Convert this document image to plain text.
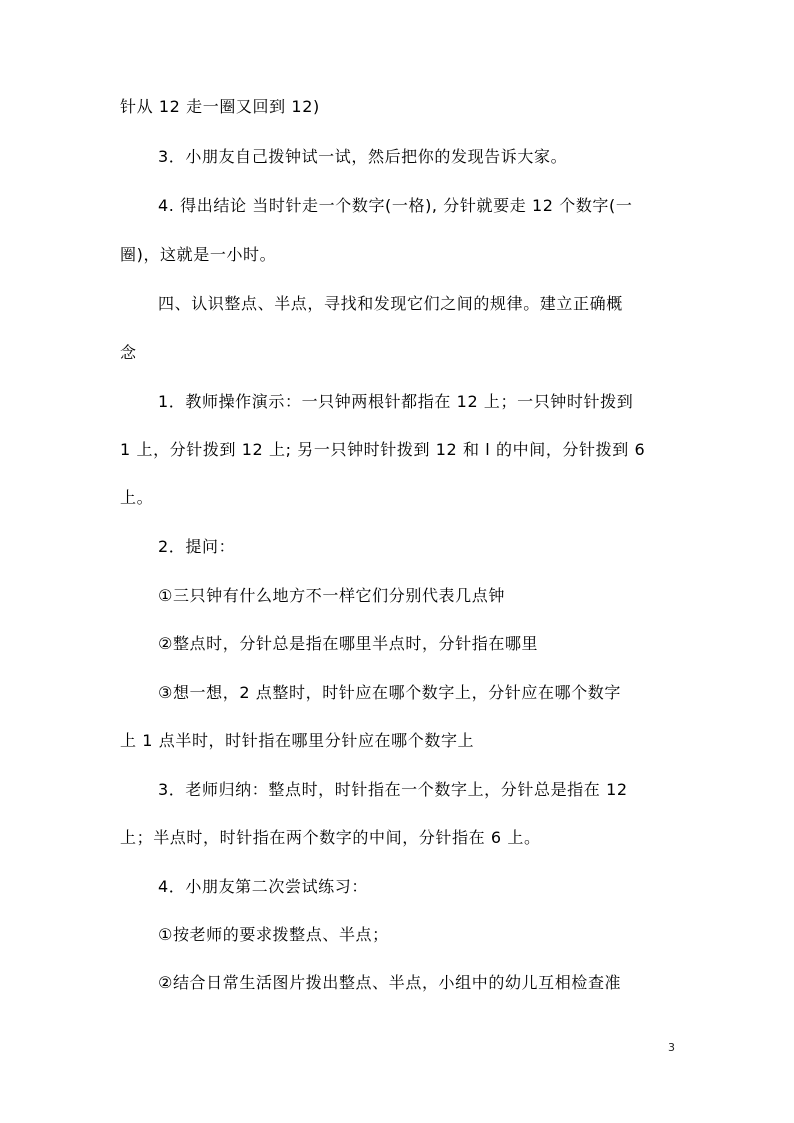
针从 12 走一圈又回到 12)
3．小朋友自己拨钟试一试，然后把你的发现告诉大家。
4. 得出结论 当时针走一个数字(一格), 分针就要走 12 个数字(一
圈)，这就是一小时。
四、认识整点、半点，寻找和发现它们之间的规律。建立正确概
念
1．教师操作演示：一只钟两根针都指在 12 上；一只钟时针拨到
1 上，分针拨到 12 上; 另一只钟时针拨到 12 和 l 的中间，分针拨到 6
上。
2．提问：
①三只钟有什么地方不一样它们分别代表几点钟
②整点时，分针总是指在哪里半点时，分针指在哪里
③想一想，2 点整时，时针应在哪个数字上，分针应在哪个数字
上 1 点半时，时针指在哪里分针应在哪个数字上
3．老师归纳：整点时，时针指在一个数字上，分针总是指在 12
上；半点时，时针指在两个数字的中间，分针指在 6 上。
4．小朋友第二次尝试练习：
①按老师的要求拨整点、半点；
②结合日常生活图片拨出整点、半点，小组中的幼儿互相检查准
3
